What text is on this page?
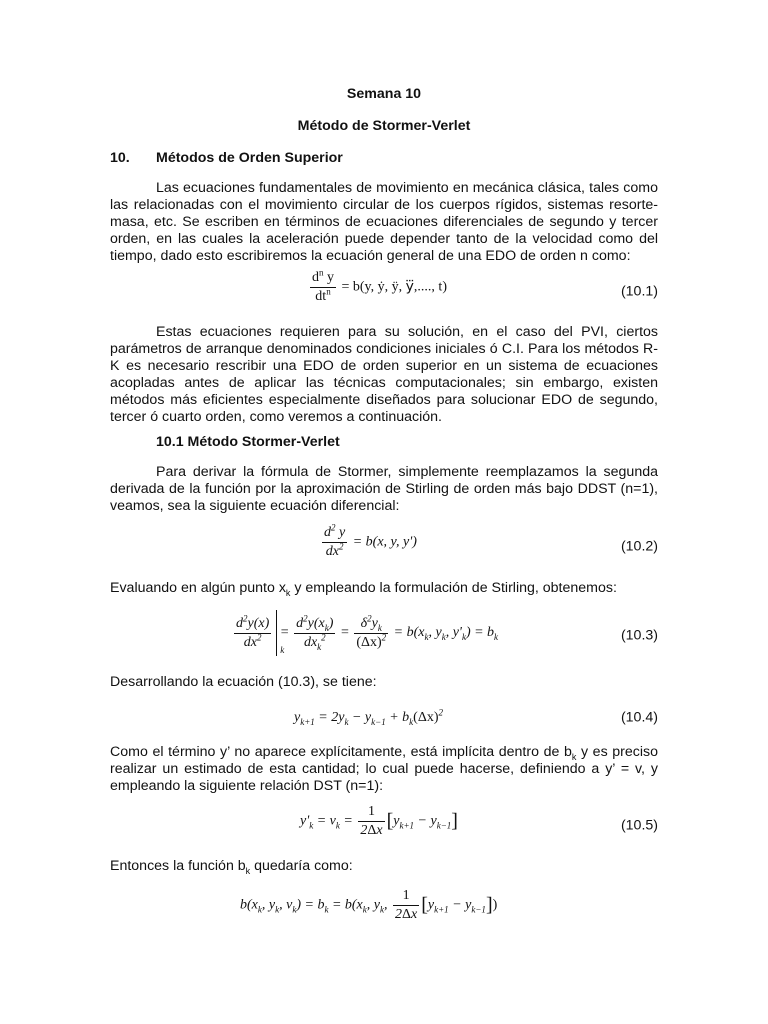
Semana 10
Método de Stormer-Verlet
10. Métodos de Orden Superior
Las ecuaciones fundamentales de movimiento en mecánica clásica, tales como las relacionadas con el movimiento circular de los cuerpos rígidos, sistemas resorte-masa, etc. Se escriben en términos de ecuaciones diferenciales de segundo y tercer orden, en las cuales la aceleración puede depender tanto de la velocidad como del tiempo, dado esto escribiremos la ecuación general de una EDO de orden n como:
$\frac{d^n y}{dt^n} = b(y$, ẏ, ÿ, y⃛,...., t)	(10.1)
Estas ecuaciones requieren para su solución, en el caso del PVI, ciertos parámetros de arranque denominados condiciones iniciales ó C.I. Para los métodos R-K es necesario rescribir una EDO de orden superior en un sistema de ecuaciones acopladas antes de aplicar las técnicas computacionales; sin embargo, existen métodos más eficientes especialmente diseñados para solucionar EDO de segundo, tercer ó cuarto orden, como veremos a continuación.
10.1 Método Stormer-Verlet
Para derivar la fórmula de Stormer, simplemente reemplazamos la segunda derivada de la función por la aproximación de Stirling de orden más bajo DDST (n=1), veamos, sea la siguiente ecuación diferencial:
$\frac{d^2 y}{dx^2} = b(x$, y, y')	(10.2)
Evaluando en algún punto $x_k$ y empleando la formulación de Stirling, obtenemos:
$\frac{d^2y(x)}{dx^2}$ k
= $\frac{d^2y(x_k)}{dx_k^2} = \frac{\delta^2y_k}{(\Delta x)^2} = b(x_k$, $y_k$, $y'_k) = b_k$	(10.3)
Desarrollando la ecuación (10.3), se tiene:
$y_{k+1} = 2y_k - y_{k-1} + b_k(\Delta x)^2$	(10.4)
Como el término y’ no aparece explícitamente, está implícita dentro de $b_k$ y es preciso realizar un estimado de esta cantidad; lo cual puede hacerse, definiendo a y’ = v, y empleando la siguiente relación DST (n=1):
$y'_k = v_k = \frac{1}{2\Delta x} [y_{k+1} - y_{k-1}]$	(10.5)
Entonces la función $b_k$ quedaría como:
$b(x_k$, $y_k$, $v_k) = b_k = b(x_k$, $y_k$, $\frac{1}{2\Delta x} [y_{k+1} - y_{k-1}]$)
